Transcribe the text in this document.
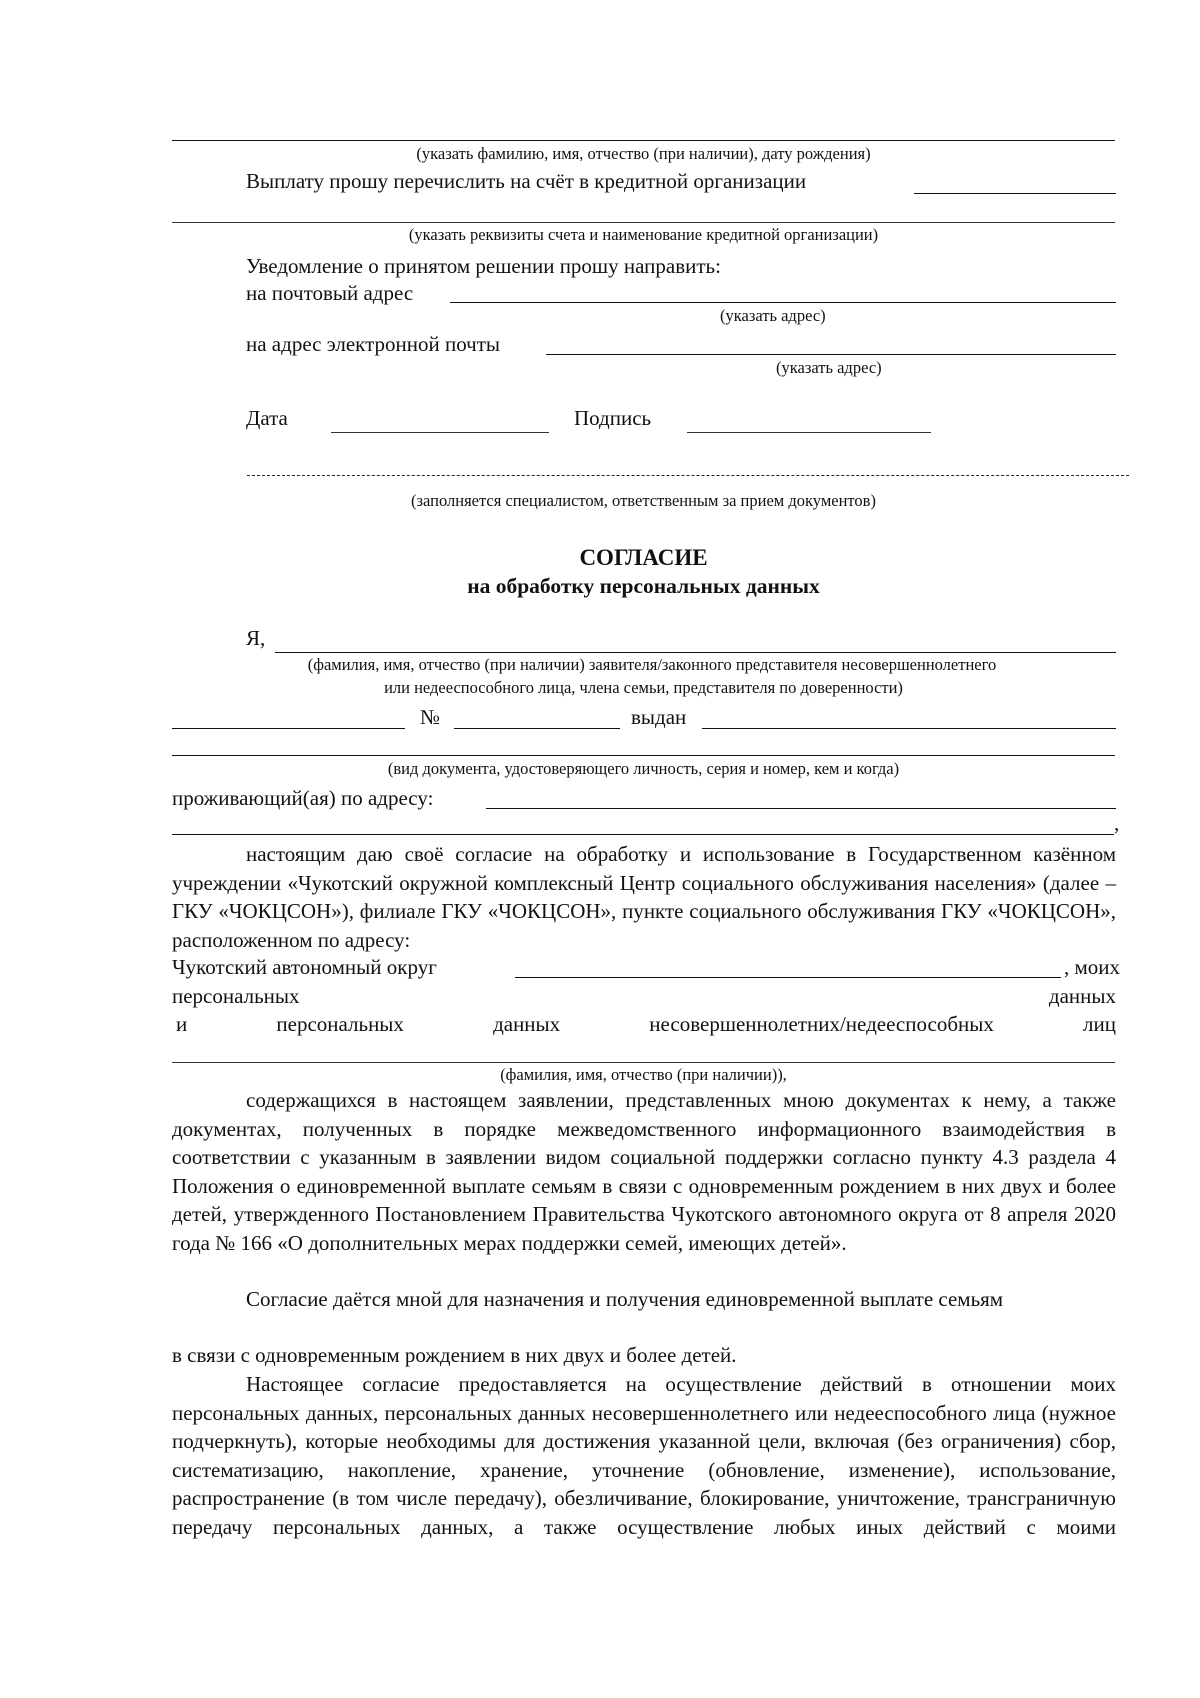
(указать фамилию, имя, отчество (при наличии), дату рождения)
Выплату прошу перечислить на счёт в кредитной организации
(указать реквизиты счета и наименование кредитной организации)
Уведомление о принятом решении прошу направить:
на почтовый адрес
(указать адрес)
на адрес электронной почты
(указать адрес)
Дата	Подпись
(заполняется специалистом, ответственным за прием документов)
СОГЛАСИЕ
на обработку персональных данных
Я,
(фамилия, имя, отчество (при наличии) заявителя/законного представителя несовершеннолетнего
или недееспособного лица, члена семьи, представителя по доверенности)
№	выдан
(вид документа, удостоверяющего личность, серия и номер, кем и когда)
проживающий(ая) по адресу:
,
настоящим даю своё согласие на обработку и использование в Государственном казённом учреждении «Чукотский окружной комплексный Центр социального обслуживания населения» (далее – ГКУ «ЧОКЦСОН»), филиале ГКУ «ЧОКЦСОН», пункте социального обслуживания ГКУ «ЧОКЦСОН», расположенном по адресу:
Чукотский автономный округ	, моих
персональных	данных
и	персональных	данных	несовершеннолетних/недееспособных	лиц
(фамилия, имя, отчество (при наличии)),
содержащихся в настоящем заявлении, представленных мною документах к нему, а также документах, полученных в порядке межведомственного информационного взаимодействия в соответствии с указанным в заявлении видом социальной поддержки согласно пункту 4.3 раздела 4 Положения о единовременной выплате семьям в связи с одновременным рождением в них двух и более детей, утвержденного Постановлением Правительства Чукотского автономного округа от 8 апреля 2020 года № 166 «О дополнительных мерах поддержки семей, имеющих детей».
Согласие даётся мной для назначения и получения единовременной выплате семьям
в связи с одновременным рождением в них двух и более детей.
Настоящее согласие предоставляется на осуществление действий в отношении моих персональных данных, персональных данных несовершеннолетнего или недееспособного лица (нужное подчеркнуть), которые необходимы для достижения указанной цели, включая (без ограничения) сбор, систематизацию, накопление, хранение, уточнение (обновление, изменение), использование, распространение (в том числе передачу), обезличивание, блокирование, уничтожение, трансграничную передачу персональных данных, а также осуществление любых иных действий с моими
